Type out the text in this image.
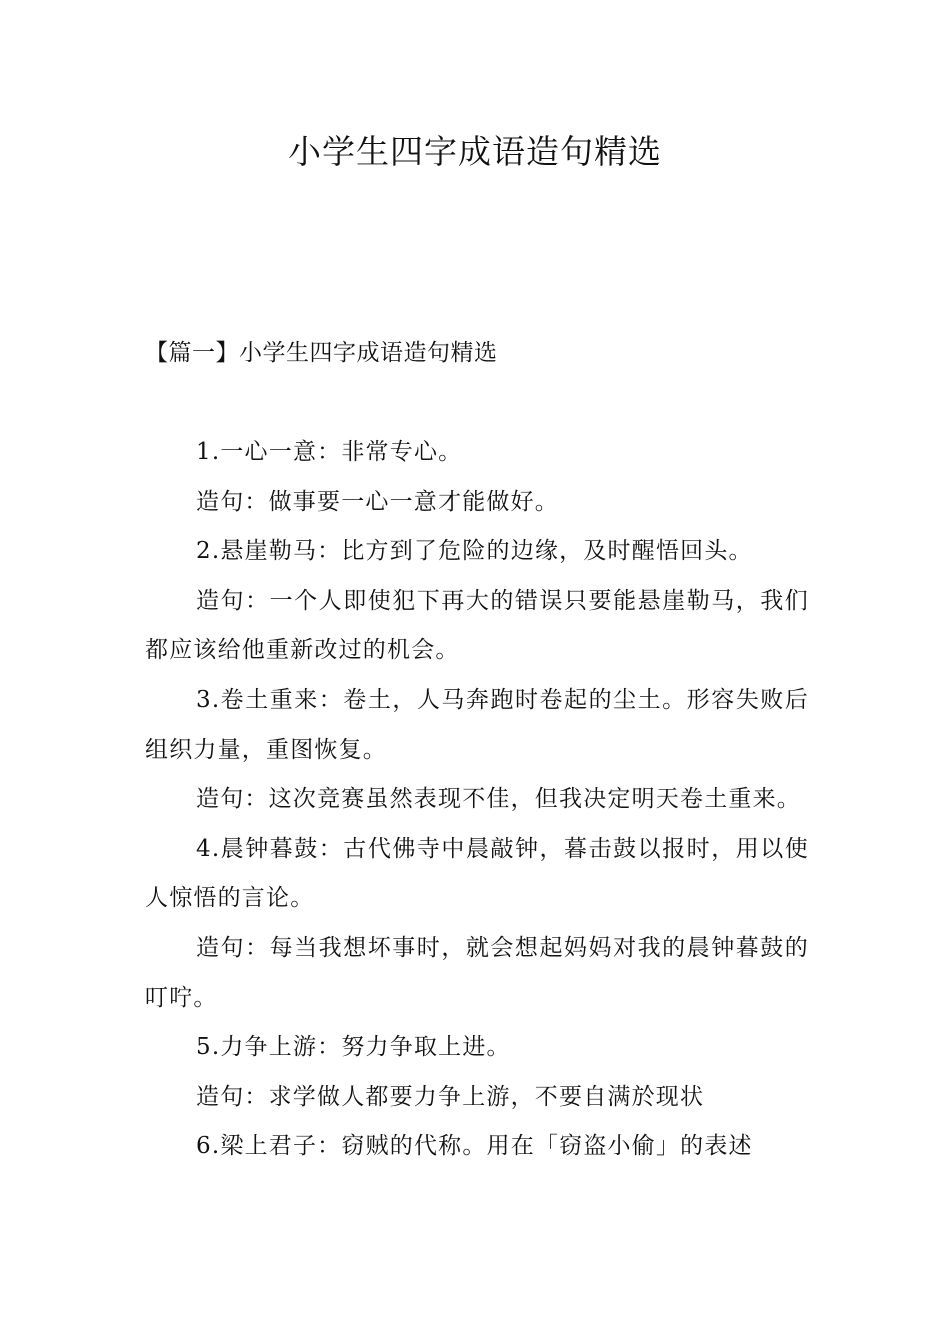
小学生四字成语造句精选
【篇一】小学生四字成语造句精选

1.一心一意：非常专心。

造句：做事要一心一意才能做好。

2.悬崖勒马：比方到了危险的边缘，及时醒悟回头。

造句：一个人即使犯下再大的错误只要能悬崖勒马，我们都应该给他重新改过的机会。

3.卷土重来：卷土，人马奔跑时卷起的尘土。形容失败后组织力量，重图恢复。

造句：这次竞赛虽然表现不佳，但我决定明天卷土重来。

4.晨钟暮鼓：古代佛寺中晨敲钟，暮击鼓以报时，用以使人惊悟的言论。

造句：每当我想坏事时，就会想起妈妈对我的晨钟暮鼓的叮咛。

5.力争上游：努力争取上进。

造句：求学做人都要力争上游，不要自满於现状

6.梁上君子：窃贼的代称。用在「窃盗小偷」的表述
